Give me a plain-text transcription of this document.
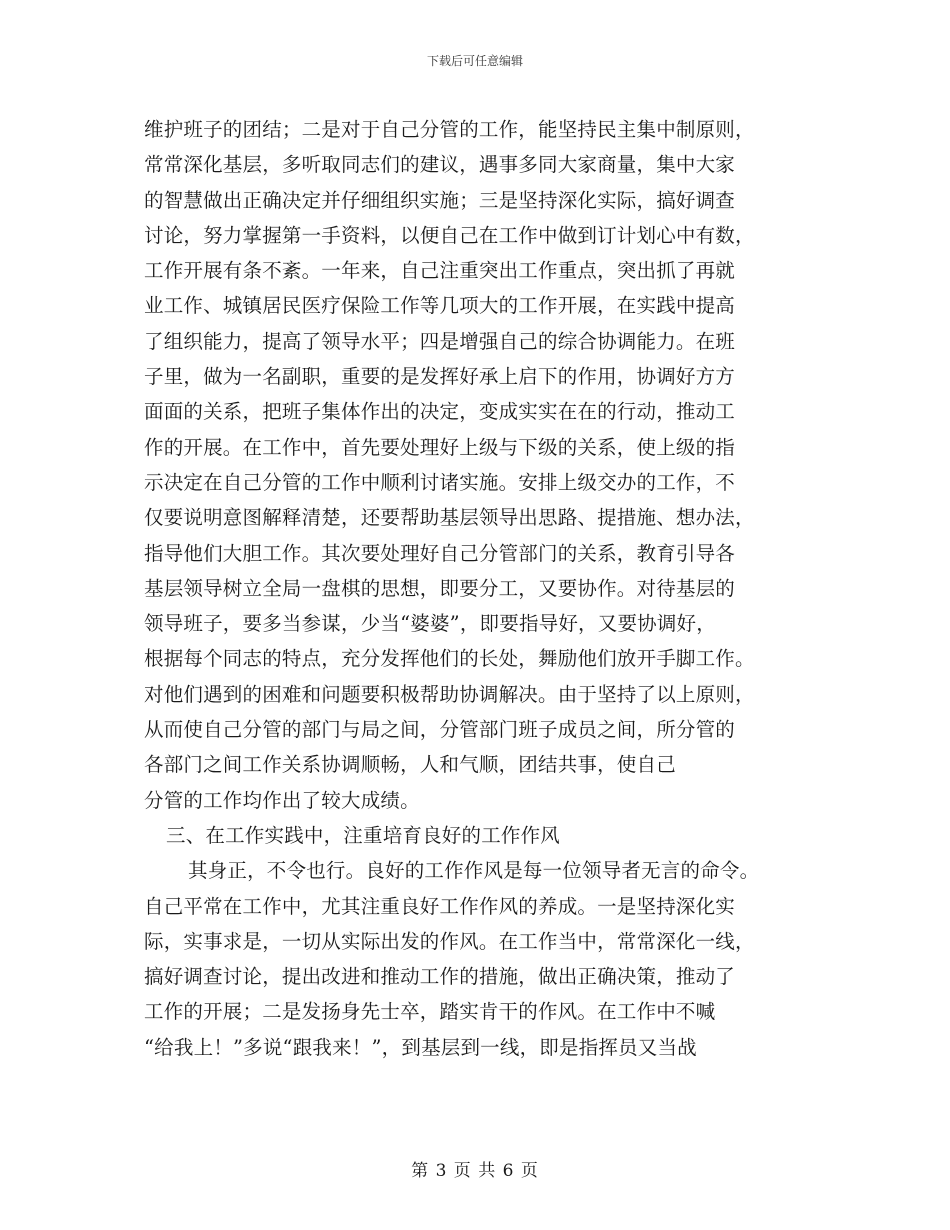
下载后可任意编辑
维护班子的团结；二是对于自己分管的工作，能坚持民主集中制原则，
常常深化基层，多听取同志们的建议，遇事多同大家商量，集中大家
的智慧做出正确决定并仔细组织实施；三是坚持深化实际，搞好调查
讨论，努力掌握第一手资料，以便自己在工作中做到订计划心中有数，
工作开展有条不紊。一年来，自己注重突出工作重点，突出抓了再就
业工作、城镇居民医疗保险工作等几项大的工作开展，在实践中提高
了组织能力，提高了领导水平；四是增强自己的综合协调能力。在班
子里，做为一名副职，重要的是发挥好承上启下的作用，协调好方方
面面的关系，把班子集体作出的决定，变成实实在在的行动，推动工
作的开展。在工作中，首先要处理好上级与下级的关系，使上级的指
示决定在自己分管的工作中顺利讨诸实施。安排上级交办的工作，不
仅要说明意图解释清楚，还要帮助基层领导出思路、提措施、想办法，
指导他们大胆工作。其次要处理好自己分管部门的关系，教育引导各
基层领导树立全局一盘棋的思想，即要分工，又要协作。对待基层的
领导班子，要多当参谋，少当“婆婆”，即要指导好，又要协调好，
根据每个同志的特点，充分发挥他们的长处，舞励他们放开手脚工作。
对他们遇到的困难和问题要积极帮助协调解决。由于坚持了以上原则，
从而使自己分管的部门与局之间，分管部门班子成员之间，所分管的
各部门之间工作关系协调顺畅，人和气顺，团结共事，使自己
分管的工作均作出了较大成绩。
三、在工作实践中，注重培育良好的工作作风
其身正，不令也行。良好的工作作风是每一位领导者无言的命令。
自己平常在工作中，尤其注重良好工作作风的养成。一是坚持深化实
际，实事求是，一切从实际出发的作风。在工作当中，常常深化一线，
搞好调查讨论，提出改进和推动工作的措施，做出正确决策，推动了
工作的开展；二是发扬身先士卒，踏实肯干的作风。在工作中不喊
“给我上！”多说“跟我来！”，到基层到一线，即是指挥员又当战
第 3 页 共 6 页
